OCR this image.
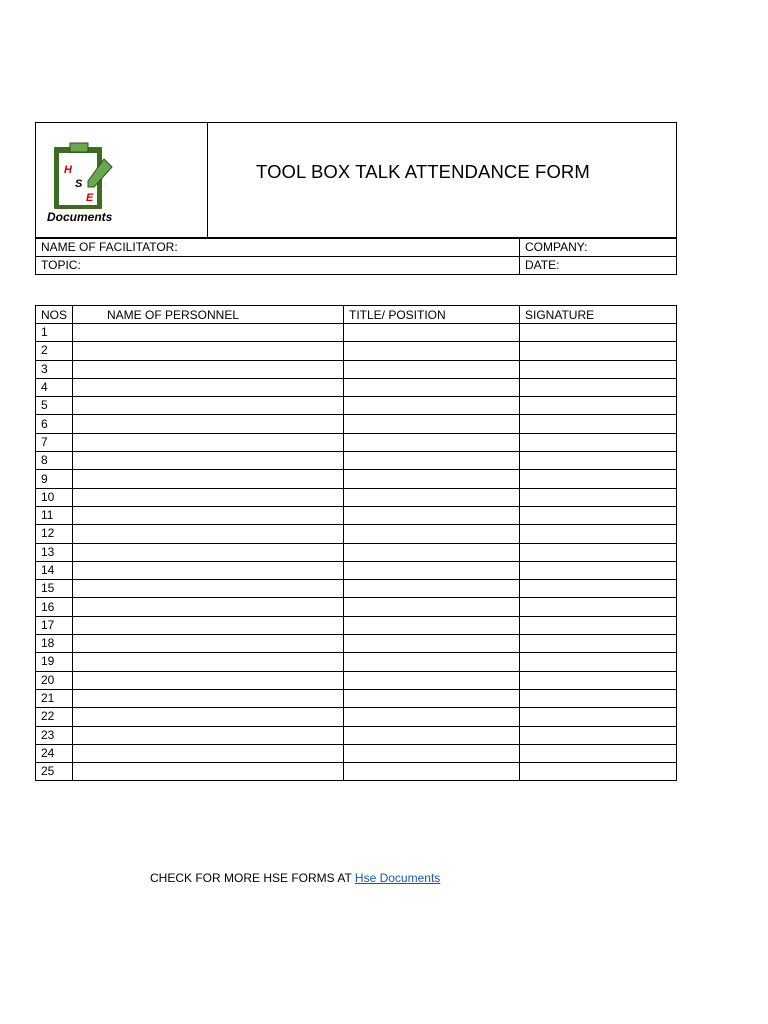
H
S
E
Documents
TOOL BOX TALK ATTENDANCE FORM
NAME OF FACILITATOR:	COMPANY:
TOPIC:	DATE:
NOS	NAME OF PERSONNEL	TITLE/ POSITION	SIGNATURE
1			
2			
3			
4			
5			
6			
7			
8			
9			
10			
11			
12			
13			
14			
15			
16			
17			
18			
19			
20			
21			
22			
23			
24			
25			
CHECK FOR MORE HSE FORMS AT Hse Documents
